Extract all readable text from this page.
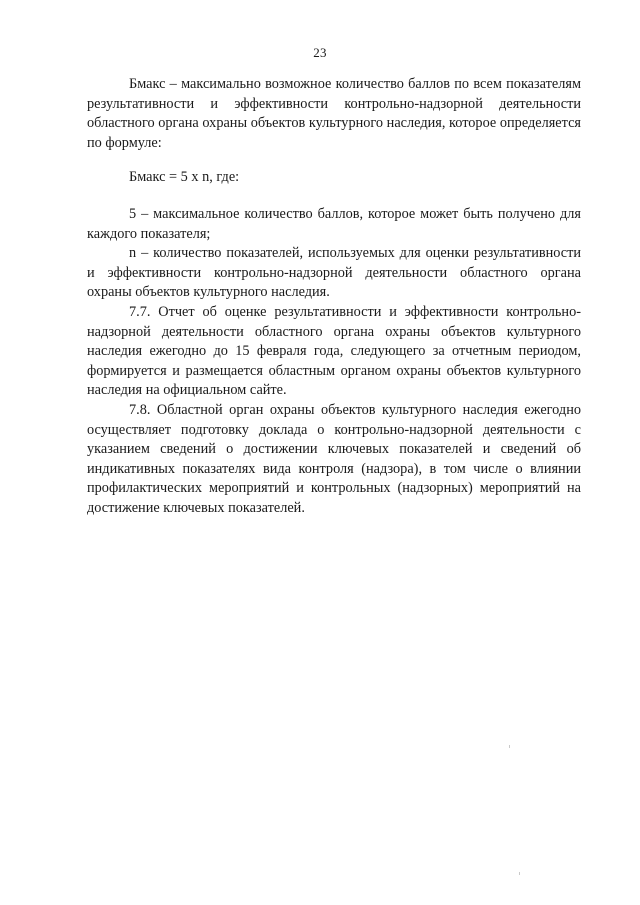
23

Бмакс – максимально возможное количество баллов по всем показателям результативности и эффективности контрольно-надзорной деятельности областного органа охраны объектов культурного наследия, которое определяется по формуле:

Бмакс = 5 х n, где:

5 – максимальное количество баллов, которое может быть получено для каждого показателя;

n – количество показателей, используемых для оценки результативности и эффективности контрольно-надзорной деятельности областного органа охраны объектов культурного наследия.

7.7. Отчет об оценке результативности и эффективности контрольно-надзорной деятельности областного органа охраны объектов культурного наследия ежегодно до 15 февраля года, следующего за отчетным периодом, формируется и размещается областным органом охраны объектов культурного наследия на официальном сайте.

7.8. Областной орган охраны объектов культурного наследия ежегодно осуществляет подготовку доклада о контрольно-надзорной деятельности с указанием сведений о достижении ключевых показателей и сведений об индикативных показателях вида контроля (надзора), в том числе о влиянии профилактических мероприятий и контрольных (надзорных) мероприятий на достижение ключевых показателей.
